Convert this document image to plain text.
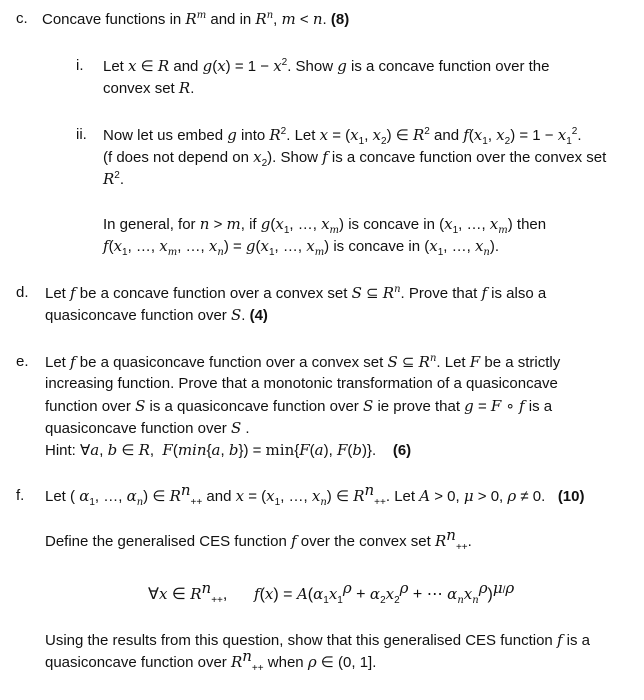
c. Concave functions in $R^m$ and in $R^n$, m < n. (8)
i. Let x ∈ R and $g(x) = 1 - x^2$. Show g is a concave function over the
convex set R.
ii. Now let us embed g into $R^2$. Let $x = (x_1$, $x_2$) ∈ $R^2$ and $f(x_1$, $x_2) = 1 - x_1^2$.
(f does not depend on $x_2$). Show f is a concave function over the convex set
$R^2$.
In general, for n > m, if $g(x_1$, …, $x_m$) is concave in ($x_1$, …, $x_m$) then
$f(x_1$, …, $x_m$, …, $x_n) = g(x_1$, …, $x_m$) is concave in ($x_1$, …, $x_n$).
d. Let f be a concave function over a convex set S ⊆ $R^n$. Prove that f is also a
quasiconcave function over S. (4)
e. Let f be a quasiconcave function over a convex set S ⊆ $R^n$. Let F be a strictly
increasing function. Prove that a monotonic transformation of a quasiconcave
function over S is a quasiconcave function over S ie prove that g = F ∘ f is a
quasiconcave function over S .
Hint: ∀a, b ∈ R,  F(min{a, b}) = min{F(a), F(b)}.    (6)
f. Let ( $\alpha_1$, …, $\alpha_n$) ∈ $R^n_{++}$ and $x = (x_1$, …, $x_n$) ∈ $R^n_{++}$. Let A > 0, μ > 0, ρ ≠ 0.   (10)
Define the generalised CES function f over the convex set $R^n_{++}$.
∀x ∈ $R^n_{++}$,      $f(x) = A(\alpha_1x_1^\rho + \alpha_2x_2^\rho$ + ⋯ $\alpha_nx_n^\rho)^{\mu/\rho}$
Using the results from this question, show that this generalised CES function f is a
quasiconcave function over $R^n_{++}$ when ρ ∈ (0, 1].
